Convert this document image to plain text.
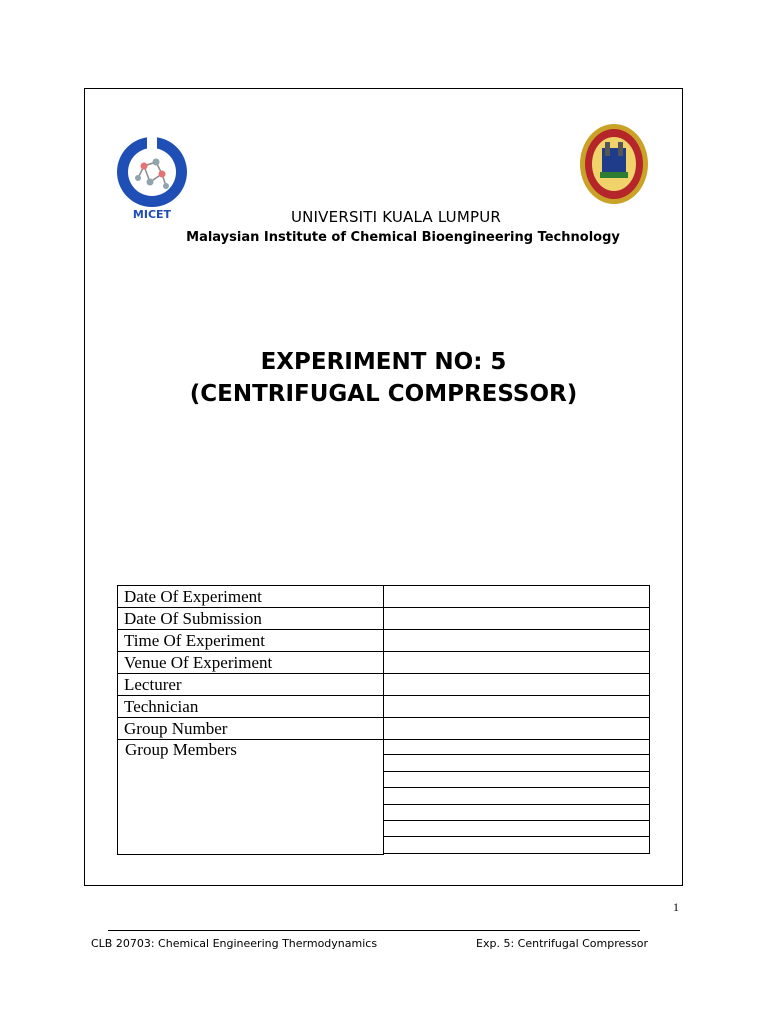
MICET	UNIVERSITI KUALA LUMPUR
Malaysian Institute of Chemical Bioengineering Technology
EXPERIMENT NO: 5
(CENTRIFUGAL COMPRESSOR)
Date Of Experiment	
Date Of Submission	
Time Of Experiment	
Venue Of Experiment	
Lecturer	
Technician	
Group Number	
Group Members
1
CLB 20703: Chemical Engineering Thermodynamics	Exp. 5: Centrifugal Compressor
